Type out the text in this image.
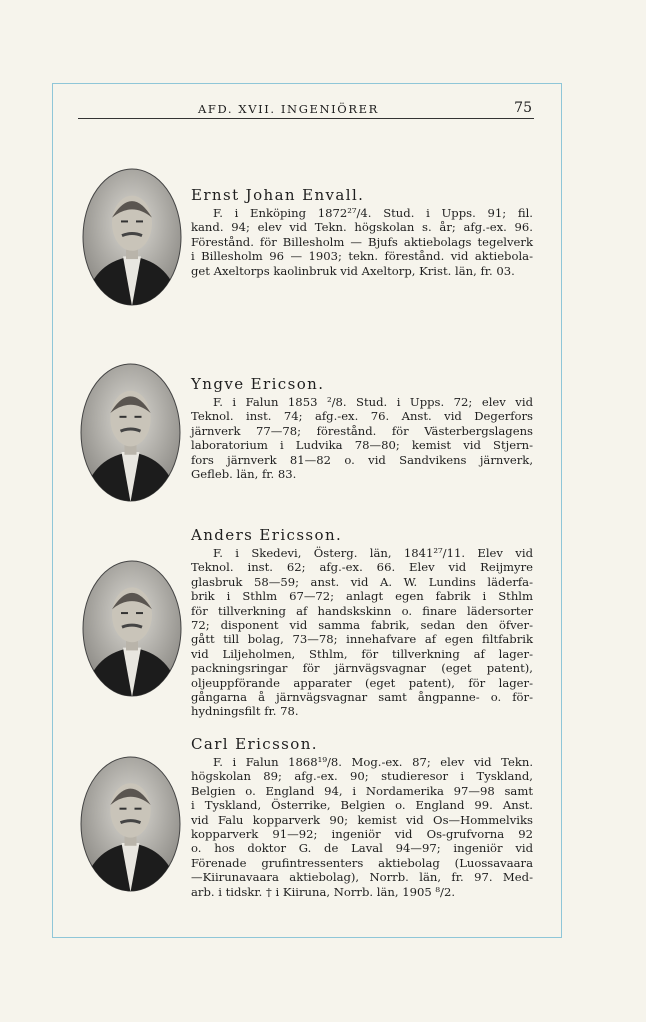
AFD. XVII. INGENIÖRER	75
Ernst Johan Envall.
F. i Enköping 1872²⁷/4. Stud. i Upps. 91; fil.
kand. 94; elev vid Tekn. högskolan s. år; afg.-ex. 96.
Förestånd. för Billesholm — Bjufs aktiebolags tegelverk
i Billesholm 96 — 1903; tekn. förestånd. vid aktiebola-
get Axeltorps kaolinbruk vid Axeltorp, Krist. län, fr. 03.
Yngve Ericson.
F. i Falun 1853 ²/8. Stud. i Upps. 72; elev vid
Teknol. inst. 74; afg.-ex. 76. Anst. vid Degerfors
järnverk 77—78; förestånd. för Västerbergslagens
laboratorium i Ludvika 78—80; kemist vid Stjern-
fors järnverk 81—82 o. vid Sandvikens järnverk,
Gefleb. län, fr. 83.
Anders Ericsson.
F. i Skedevi, Österg. län, 1841²⁷/11. Elev vid
Teknol. inst. 62; afg.-ex. 66. Elev vid Reijmyre
glasbruk 58—59; anst. vid A. W. Lundins läderfa-
brik i Sthlm 67—72; anlagt egen fabrik i Sthlm
för tillverkning af handskskinn o. finare lädersorter
72; disponent vid samma fabrik, sedan den öfver-
gått till bolag, 73—78; innehafvare af egen filtfabrik
vid Liljeholmen, Sthlm, för tillverkning af lager-
packningsringar för järnvägsvagnar (eget patent),
oljeuppförande apparater (eget patent), för lager-
gångarna å järnvägsvagnar samt ångpanne- o. för-
hydningsfilt fr. 78.
Carl Ericsson.
F. i Falun 1868¹⁹/8. Mog.-ex. 87; elev vid Tekn.
högskolan 89; afg.-ex. 90; studieresor i Tyskland,
Belgien o. England 94, i Nordamerika 97—98 samt
i Tyskland, Österrike, Belgien o. England 99. Anst.
vid Falu kopparverk 90; kemist vid Os—Hommelviks
kopparverk 91—92; ingeniör vid Os-grufvorna 92
o. hos doktor G. de Laval 94—97; ingeniör vid
Förenade grufintressenters aktiebolag (Luossavaara
—Kiirunavaara aktiebolag), Norrb. län, fr. 97. Med-
arb. i tidskr. † i Kiiruna, Norrb. län, 1905 ⁸/2.
